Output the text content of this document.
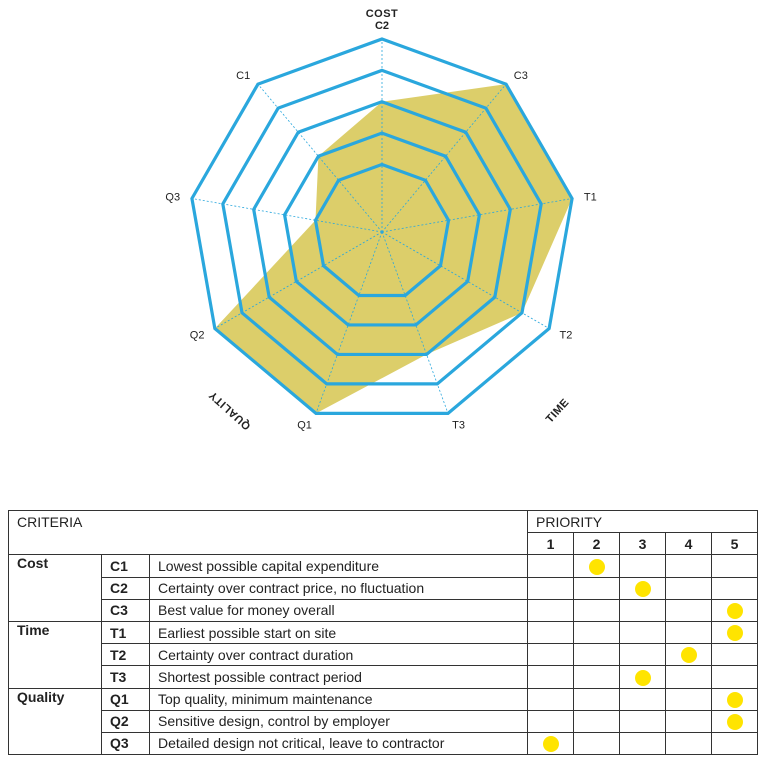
C2
C3
T1
T2
T3
Q1
Q2
Q3
C1
COST
TIME
QUALITY
CRITERIA			PRIORITY				
			1	2	3	4	5
Cost	C1	Lowest possible capital expenditure					
	C2	Certainty over contract price, no fluctuation					
	C3	Best value for money overall					
Time	T1	Earliest possible start on site					
	T2	Certainty over contract duration					
	T3	Shortest possible contract period					
Quality	Q1	Top quality, minimum maintenance					
	Q2	Sensitive design, control by employer					
	Q3	Detailed design not critical, leave to contractor					
